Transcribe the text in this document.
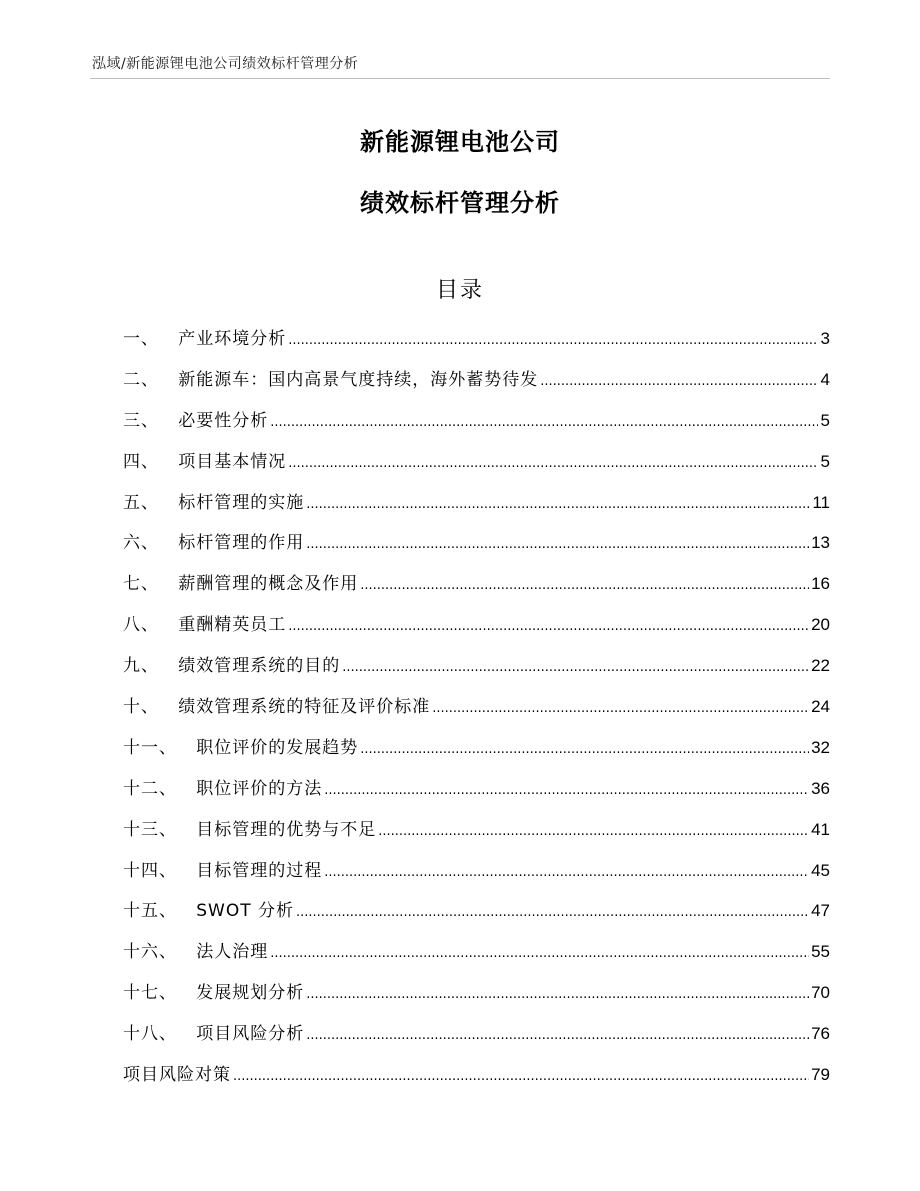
泓域/新能源锂电池公司绩效标杆管理分析
新能源锂电池公司
绩效标杆管理分析
目录
一、 产业环境分析 .....	3
二、 新能源车：国内高景气度持续，海外蓄势待发 .....	4
三、 必要性分析 .....	5
四、 项目基本情况 .....	5
五、 标杆管理的实施 .....	11
六、 标杆管理的作用 .....	13
七、 薪酬管理的概念及作用 .....	16
八、 重酬精英员工 .....	20
九、 绩效管理系统的目的 .....	22
十、 绩效管理系统的特征及评价标准 .....	24
十一、 职位评价的发展趋势 .....	32
十二、 职位评价的方法 .....	36
十三、 目标管理的优势与不足 .....	41
十四、 目标管理的过程 .....	45
十五、 SWOT 分析 .....	47
十六、 法人治理 .....	55
十七、 发展规划分析 .....	70
十八、 项目风险分析 .....	76
项目风险对策 .....	79
